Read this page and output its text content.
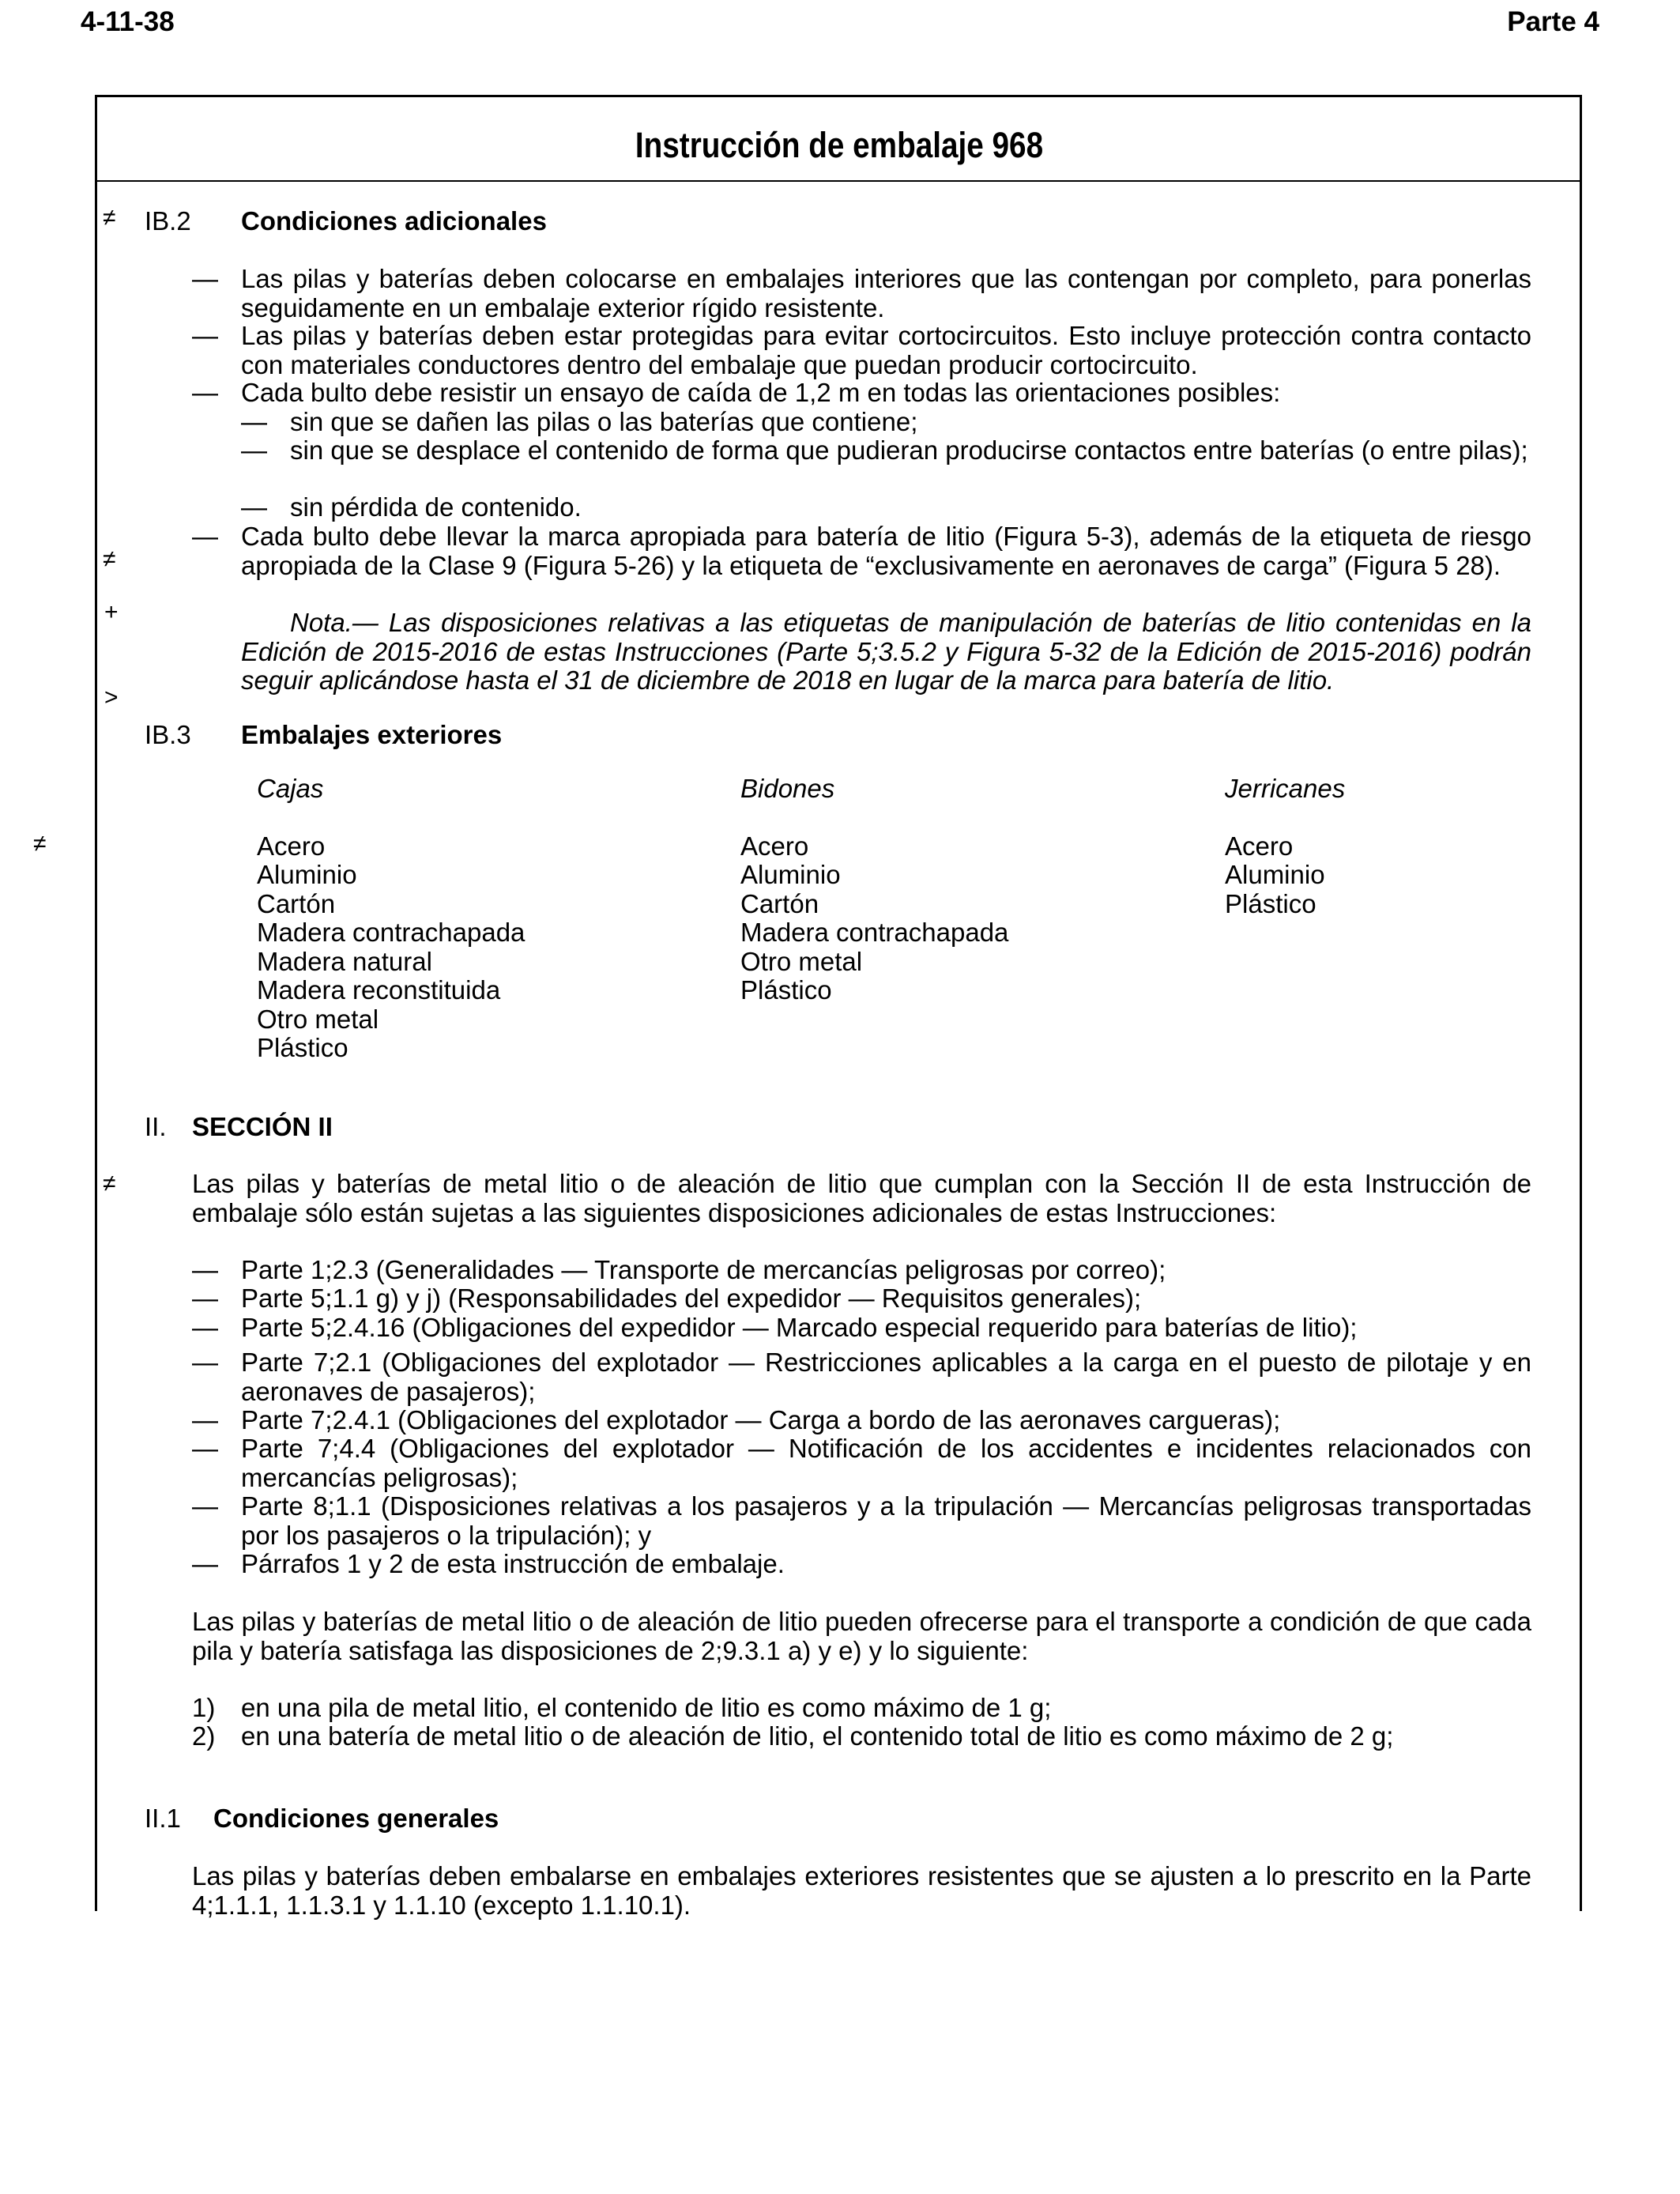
4-11-38	Parte 4
Instrucción de embalaje 968
≠
≠
+
>
≠
≠
IB.2 Condiciones adicionales
— Las pilas y baterías deben colocarse en embalajes interiores que las contengan por completo, para ponerlas seguidamente en un embalaje exterior rígido resistente.
— Las pilas y baterías deben estar protegidas para evitar cortocircuitos. Esto incluye protección contra contacto con materiales conductores dentro del embalaje que puedan producir cortocircuito.
— Cada bulto debe resistir un ensayo de caída de 1,2 m en todas las orientaciones posibles:
— sin que se dañen las pilas o las baterías que contiene;
— sin que se desplace el contenido de forma que pudieran producirse contactos entre baterías (o entre pilas);
— sin pérdida de contenido.
— Cada bulto debe llevar la marca apropiada para batería de litio (Figura 5-3), además de la etiqueta de riesgo apropiada de la Clase 9 (Figura 5-26) y la etiqueta de “exclusivamente en aeronaves de carga” (Figura 5 28).
Nota.— Las disposiciones relativas a las etiquetas de manipulación de baterías de litio contenidas en la Edición de 2015-2016 de estas Instrucciones (Parte 5;3.5.2 y Figura 5-32 de la Edición de 2015-2016) podrán seguir aplicándose hasta el 31 de diciembre de 2018 en lugar de la marca para batería de litio.
IB.3 Embalajes exteriores
Cajas
Acero
Aluminio
Cartón
Madera contrachapada
Madera natural
Madera reconstituida
Otro metal
Plástico
Bidones
Acero
Aluminio
Cartón
Madera contrachapada
Otro metal
Plástico
Jerricanes
Acero
Aluminio
Plástico
II. SECCIÓN II
Las pilas y baterías de metal litio o de aleación de litio que cumplan con la Sección II de esta Instrucción de embalaje sólo están sujetas a las siguientes disposiciones adicionales de estas Instrucciones:
— Parte 1;2.3 (Generalidades — Transporte de mercancías peligrosas por correo);
— Parte 5;1.1 g) y j) (Responsabilidades del expedidor — Requisitos generales);
— Parte 5;2.4.16 (Obligaciones del expedidor — Marcado especial requerido para baterías de litio);
— Parte 7;2.1 (Obligaciones del explotador — Restricciones aplicables a la carga en el puesto de pilotaje y en aeronaves de pasajeros);
— Parte 7;2.4.1 (Obligaciones del explotador — Carga a bordo de las aeronaves cargueras);
— Parte 7;4.4 (Obligaciones del explotador — Notificación de los accidentes e incidentes relacionados con mercancías peligrosas);
— Parte 8;1.1 (Disposiciones relativas a los pasajeros y a la tripulación — Mercancías peligrosas transportadas por los pasajeros o la tripulación); y
— Párrafos 1 y 2 de esta instrucción de embalaje.
Las pilas y baterías de metal litio o de aleación de litio pueden ofrecerse para el transporte a condición de que cada pila y batería satisfaga las disposiciones de 2;9.3.1 a) y e) y lo siguiente:
1) en una pila de metal litio, el contenido de litio es como máximo de 1 g;
2) en una batería de metal litio o de aleación de litio, el contenido total de litio es como máximo de 2 g;
II.1 Condiciones generales
Las pilas y baterías deben embalarse en embalajes exteriores resistentes que se ajusten a lo prescrito en la Parte 4;1.1.1, 1.1.3.1 y 1.1.10 (excepto 1.1.10.1).
